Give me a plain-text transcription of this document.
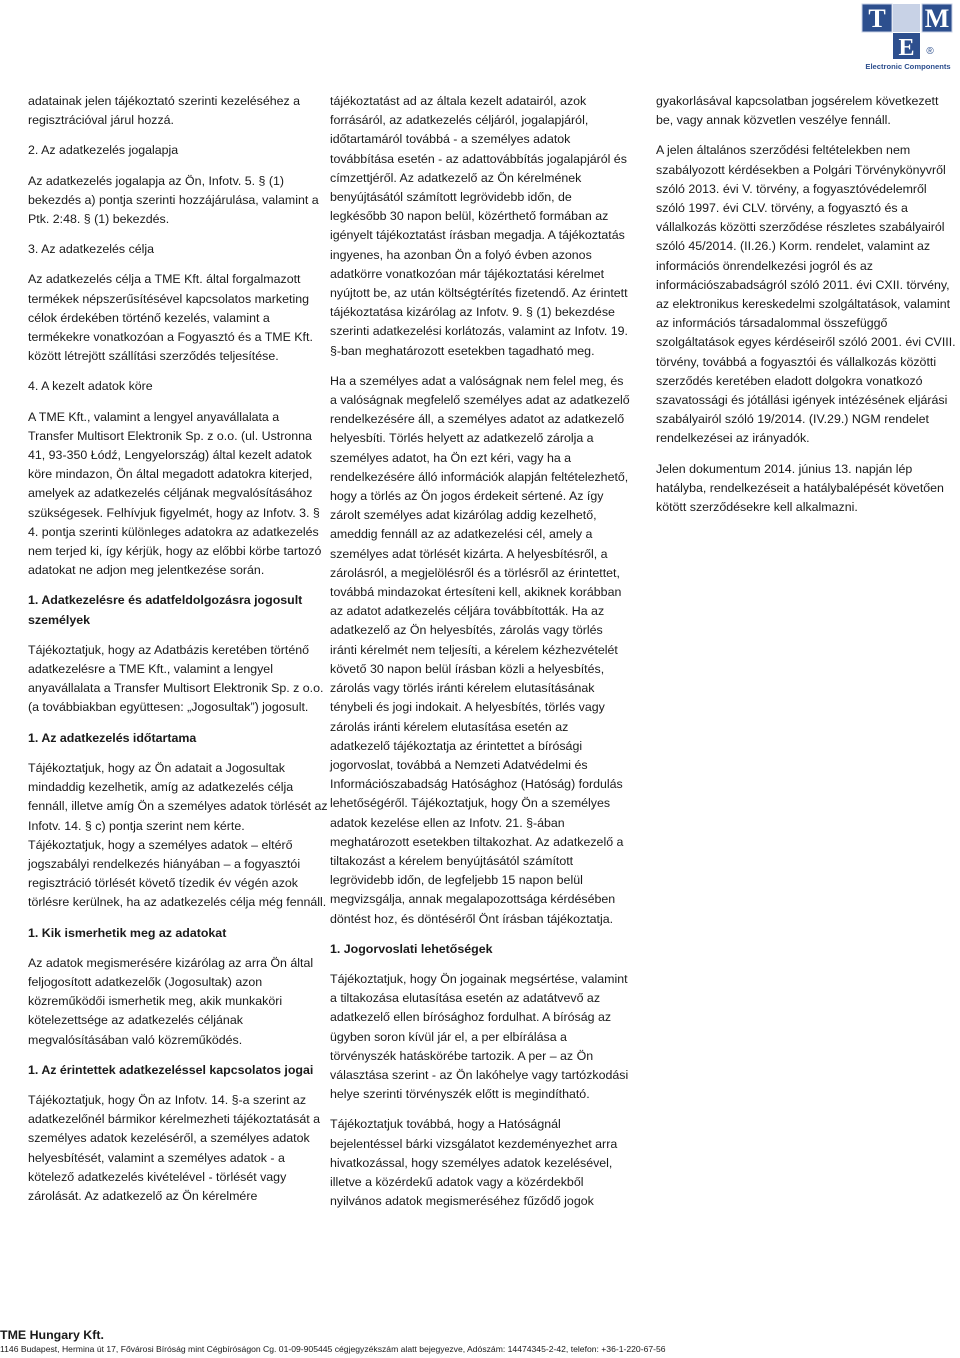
T M
E ®
Electronic Components

adatainak jelen tájékoztató szerinti kezeléséhez a regisztrációval járul hozzá.

2. Az adatkezelés jogalapja

Az adatkezelés jogalapja az Ön, Infotv. 5. § (1) bekezdés a) pontja szerinti hozzájárulása, valamint a Ptk. 2:48. § (1) bekezdés.

3. Az adatkezelés célja

Az adatkezelés célja a TME Kft. által forgalmazott termékek népszerűsítésével kapcsolatos marketing célok érdekében történő kezelés, valamint a termékekre vonatkozóan a Fogyasztó és a TME Kft. között létrejött szállítási szerződés teljesítése.

4. A kezelt adatok köre

A TME Kft., valamint a lengyel anyavállalata a Transfer Multisort Elektronik Sp. z o.o. (ul. Ustronna 41, 93-350 Łódź, Lengyelország) által kezelt adatok köre mindazon, Ön által megadott adatokra kiterjed, amelyek az adatkezelés céljának megvalósításához szükségesek. Felhívjuk figyelmét, hogy az Infotv. 3. § 4. pontja szerinti különleges adatokra az adatkezelés nem terjed ki, így kérjük, hogy az előbbi körbe tartozó adatokat ne adjon meg jelentkezése során.

1. Adatkezelésre és adatfeldolgozásra jogosult személyek

Tájékoztatjuk, hogy az Adatbázis keretében történő adatkezelésre a TME Kft., valamint a lengyel anyavállalata a Transfer Multisort Elektronik Sp. z o.o. (a továbbiakban együttesen: „Jogosultak”) jogosult.

1. Az adatkezelés időtartama

Tájékoztatjuk, hogy az Ön adatait a Jogosultak mindaddig kezelhetik, amíg az adatkezelés célja fennáll, illetve amíg Ön a személyes adatok törlését az Infotv. 14. § c) pontja szerint nem kérte.

Tájékoztatjuk, hogy a személyes adatok – eltérő jogszabályi rendelkezés hiányában – a fogyasztói regisztráció törlését követő tízedik év végén azok törlésre kerülnek, ha az adatkezelés célja még fennáll.

1. Kik ismerhetik meg az adatokat

Az adatok megismerésére kizárólag az arra Ön által feljogosított adatkezelők (Jogosultak) azon közreműködői ismerhetik meg, akik munkaköri kötelezettsége az adatkezelés céljának megvalósításában való közreműködés.

1. Az érintettek adatkezeléssel kapcsolatos jogai

Tájékoztatjuk, hogy Ön az Infotv. 14. §-a szerint az adatkezelőnél bármikor kérelmezheti tájékoztatását a személyes adatok kezeléséről, a személyes adatok helyesbítését, valamint a személyes adatok - a kötelező adatkezelés kivételével - törlését vagy zárolását. Az adatkezelő az Ön kérelmére

tájékoztatást ad az általa kezelt adatairól, azok forrásáról, az adatkezelés céljáról, jogalapjáról, időtartamáról továbbá - a személyes adatok továbbítása esetén - az adattovábbítás jogalapjáról és címzettjéről. Az adatkezelő az Ön kérelmének benyújtásától számított legrövidebb időn, de legkésőbb 30 napon belül, közérthető formában az igényelt tájékoztatást írásban megadja. A tájékoztatás ingyenes, ha azonban Ön a folyó évben azonos adatkörre vonatkozóan már tájékoztatási kérelmet nyújtott be, az után költségtérítés fizetendő. Az érintett tájékoztatása kizárólag az Infotv. 9. § (1) bekezdése szerinti adatkezelési korlátozás, valamint az Infotv. 19. §-ban meghatározott esetekben tagadható meg.

Ha a személyes adat a valóságnak nem felel meg, és a valóságnak megfelelő személyes adat az adatkezelő rendelkezésére áll, a személyes adatot az adatkezelő helyesbíti. Törlés helyett az adatkezelő zárolja a személyes adatot, ha Ön ezt kéri, vagy ha a rendelkezésére álló információk alapján feltételezhető, hogy a törlés az Ön jogos érdekeit sértené. Az így zárolt személyes adat kizárólag addig kezelhető, ameddig fennáll az az adatkezelési cél, amely a személyes adat törlését kizárta. A helyesbítésről, a zárolásról, a megjelölésről és a törlésről az érintettet, továbbá mindazokat értesíteni kell, akiknek korábban az adatot adatkezelés céljára továbbították. Ha az adatkezelő az Ön helyesbítés, zárolás vagy törlés iránti kérelmét nem teljesíti, a kérelem kézhezvételét követő 30 napon belül írásban közli a helyesbítés, zárolás vagy törlés iránti kérelem elutasításának ténybeli és jogi indokait. A helyesbítés, törlés vagy zárolás iránti kérelem elutasítása esetén az adatkezelő tájékoztatja az érintettet a bírósági jogorvoslat, továbbá a Nemzeti Adatvédelmi és Információszabadság Hatósághoz (Hatóság) fordulás lehetőségéről. Tájékoztatjuk, hogy Ön a személyes adatok kezelése ellen az Infotv. 21. §-ában meghatározott esetekben tiltakozhat. Az adatkezelő a tiltakozást a kérelem benyújtásától számított legrövidebb időn, de legfeljebb 15 napon belül megvizsgálja, annak megalapozottsága kérdésében döntést hoz, és döntéséről Önt írásban tájékoztatja.

1. Jogorvoslati lehetőségek

Tájékoztatjuk, hogy Ön jogainak megsértése, valamint a tiltakozása elutasítása esetén az adatátvevő az adatkezelő ellen bírósághoz fordulhat. A bíróság az ügyben soron kívül jár el, a per elbírálása a törvényszék hatáskörébe tartozik. A per – az Ön választása szerint - az Ön lakóhelye vagy tartózkodási helye szerinti törvényszék előtt is megindítható.

Tájékoztatjuk továbbá, hogy a Hatóságnál bejelentéssel bárki vizsgálatot kezdeményezhet arra hivatkozással, hogy személyes adatok kezelésével, illetve a közérdekű adatok vagy a közérdekből nyilvános adatok megismeréséhez fűződő jogok

gyakorlásával kapcsolatban jogsérelem következett be, vagy annak közvetlen veszélye fennáll.

A jelen általános szerződési feltételekben nem szabályozott kérdésekben a Polgári Törvénykönyvről szóló 2013. évi V. törvény, a fogyasztóvédelemről szóló 1997. évi CLV. törvény, a fogyasztó és a vállalkozás közötti szerződése részletes szabályairól szóló 45/2014. (II.26.) Korm. rendelet, valamint az információs önrendelkezési jogról és az információszabadságról szóló 2011. évi CXII. törvény, az elektronikus kereskedelmi szolgáltatások, valamint az információs társadalommal összefüggő szolgáltatások egyes kérdéseiről szóló 2001. évi CVIII. törvény, továbbá a fogyasztói és vállalkozás közötti szerződés keretében eladott dolgokra vonatkozó szavatossági és jótállási igények intézésének eljárási szabályairól szóló 19/2014. (IV.29.) NGM rendelet rendelkezései az irányadók.

Jelen dokumentum 2014. június 13. napján lép hatályba, rendelkezéseit a hatálybalépését követően kötött szerződésekre kell alkalmazni.

TME Hungary Kft.
1146 Budapest, Hermina út 17, Fővárosi Bíróság mint Cégbíróságon Cg. 01-09-905445 cégjegyzékszám alatt bejegyezve, Adószám: 14474345-2-42, telefon: +36-1-220-67-56
